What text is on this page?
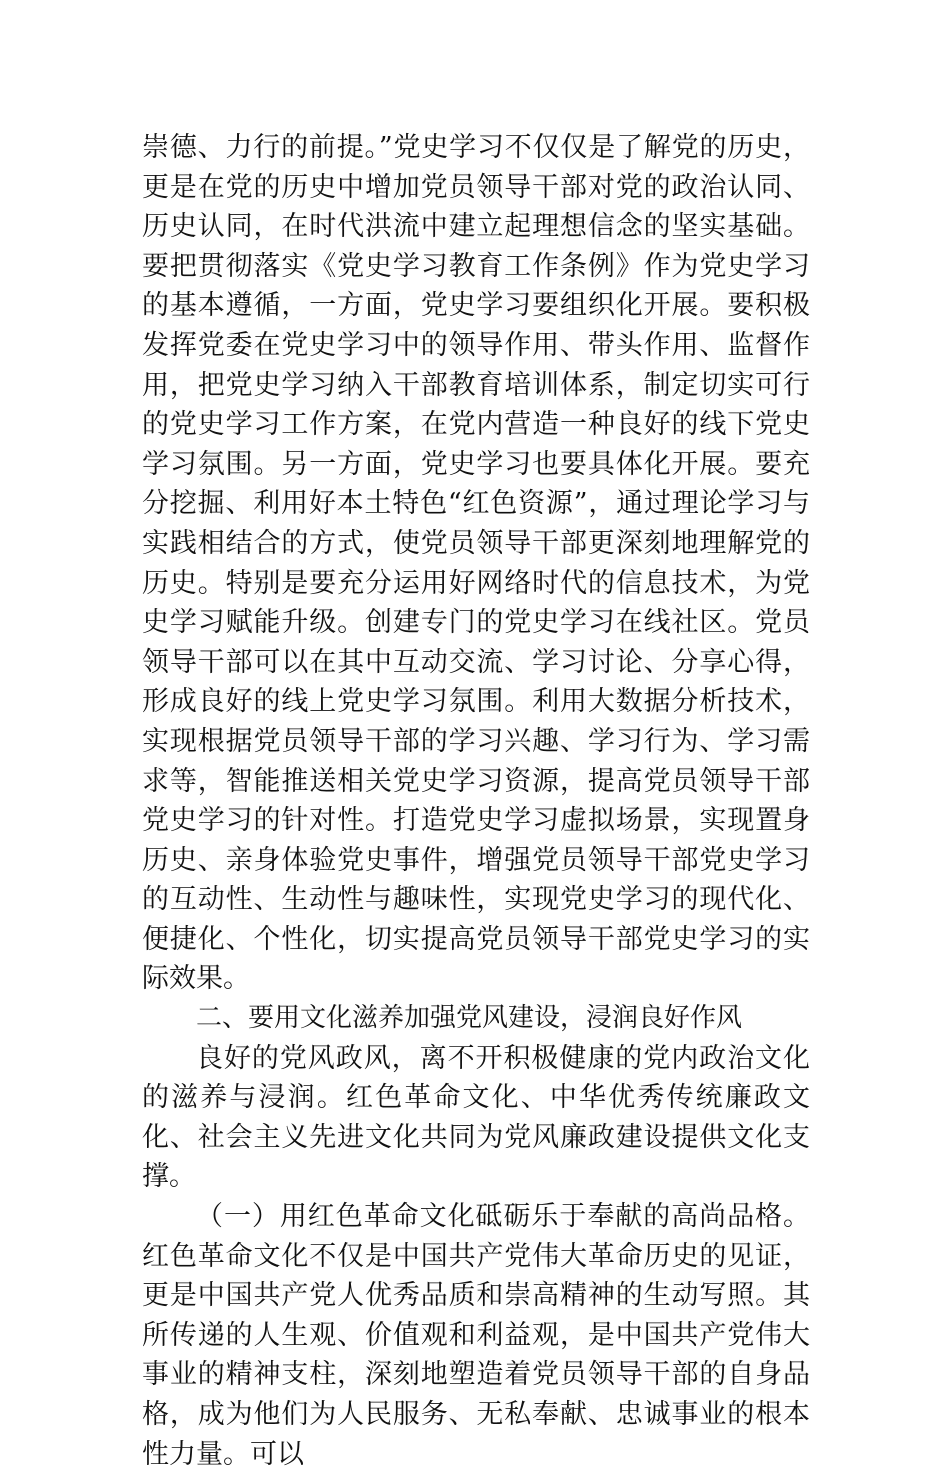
崇德、力行的前提。”党史学习不仅仅是了解党的历史，更是在党的历史中增加党员领导干部对党的政治认同、历史认同，在时代洪流中建立起理想信念的坚实基础。要把贯彻落实《党史学习教育工作条例》作为党史学习的基本遵循，一方面，党史学习要组织化开展。要积极发挥党委在党史学习中的领导作用、带头作用、监督作用，把党史学习纳入干部教育培训体系，制定切实可行的党史学习工作方案，在党内营造一种良好的线下党史学习氛围。另一方面，党史学习也要具体化开展。要充分挖掘、利用好本土特色“红色资源”，通过理论学习与实践相结合的方式，使党员领导干部更深刻地理解党的历史。特别是要充分运用好网络时代的信息技术，为党史学习赋能升级。创建专门的党史学习在线社区。党员领导干部可以在其中互动交流、学习讨论、分享心得，形成良好的线上党史学习氛围。利用大数据分析技术，实现根据党员领导干部的学习兴趣、学习行为、学习需求等，智能推送相关党史学习资源，提高党员领导干部党史学习的针对性。打造党史学习虚拟场景，实现置身历史、亲身体验党史事件，增强党员领导干部党史学习的互动性、生动性与趣味性，实现党史学习的现代化、便捷化、个性化，切实提高党员领导干部党史学习的实际效果。

二、要用文化滋养加强党风建设，浸润良好作风

良好的党风政风，离不开积极健康的党内政治文化的滋养与浸润。红色革命文化、中华优秀传统廉政文化、社会主义先进文化共同为党风廉政建设提供文化支撑。

（一）用红色革命文化砥砺乐于奉献的高尚品格。红色革命文化不仅是中国共产党伟大革命历史的见证，更是中国共产党人优秀品质和崇高精神的生动写照。其所传递的人生观、价值观和利益观，是中国共产党伟大事业的精神支柱，深刻地塑造着党员领导干部的自身品格，成为他们为人民服务、无私奉献、忠诚事业的根本性力量。可以
